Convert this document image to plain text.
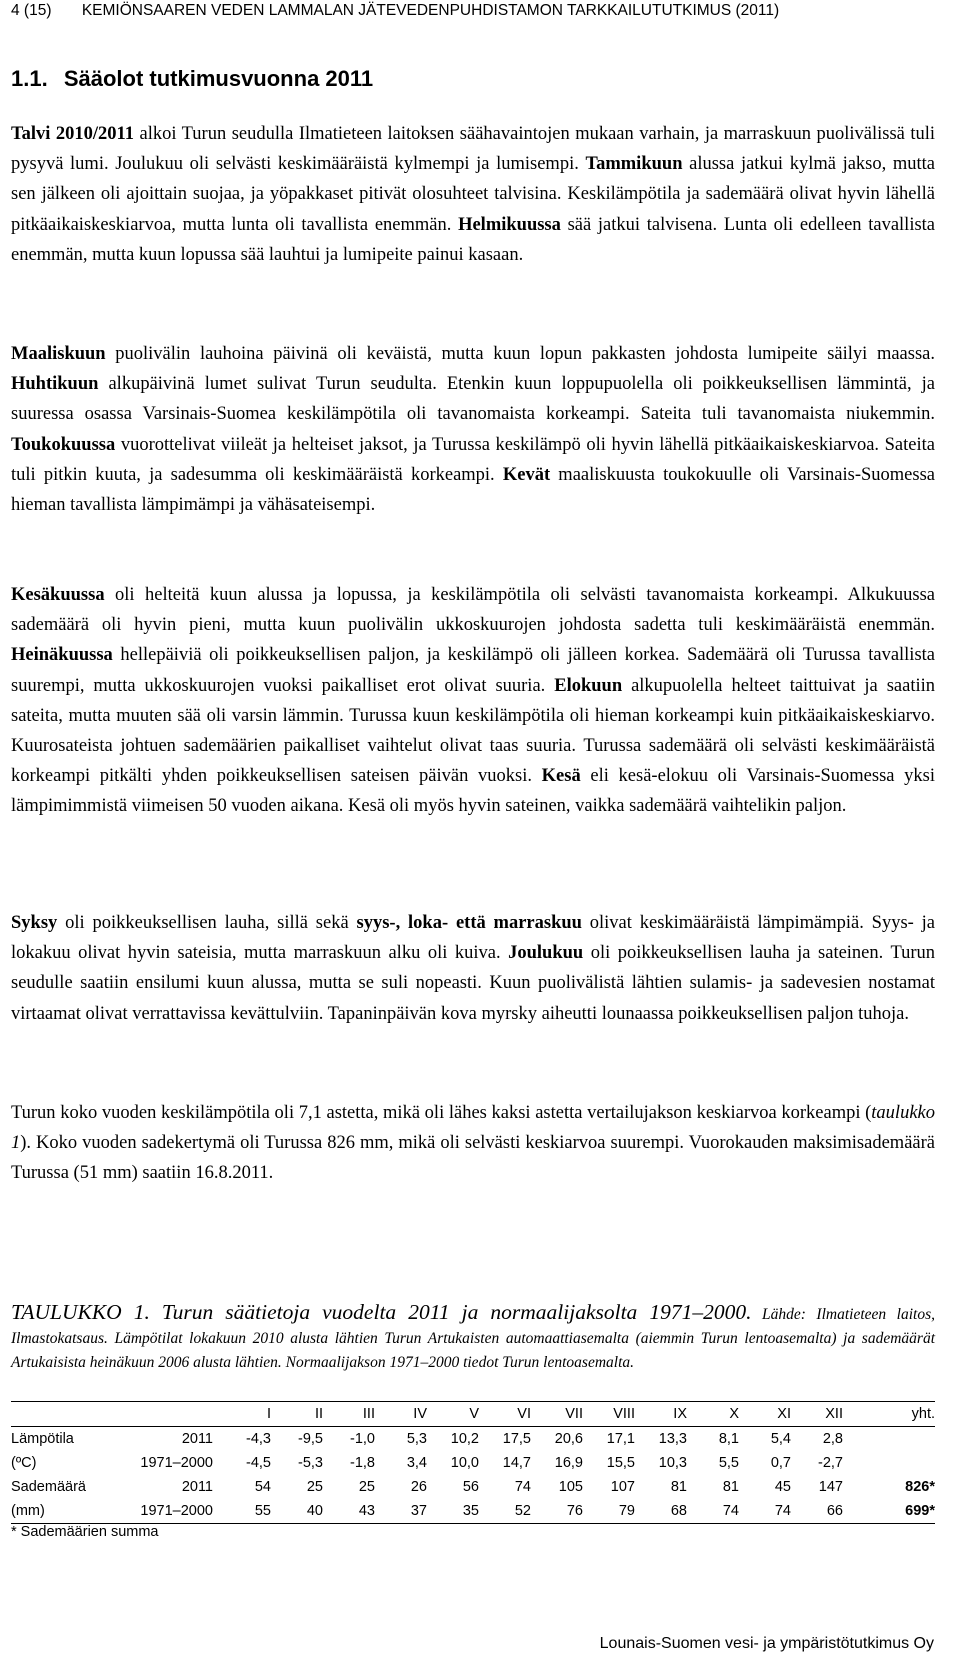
4 (15) KEMIÖNSAAREN VEDEN LAMMALAN JÄTEVEDENPUHDISTAMON TARKKAILUTUTKIMUS (2011)
1.1. Sääolot tutkimusvuonna 2011

Talvi 2010/2011 alkoi Turun seudulla Ilmatieteen laitoksen säähavaintojen mukaan varhain, ja marraskuun puolivälissä tuli pysyvä lumi. Joulukuu oli selvästi keskimääräistä kylmempi ja lumisempi. Tammikuun alussa jatkui kylmä jakso, mutta sen jälkeen oli ajoittain suojaa, ja yöpakkaset pitivät olosuhteet talvisina. Keskilämpötila ja sademäärä olivat hyvin lähellä pitkäaikaiskeskiarvoa, mutta lunta oli tavallista enemmän. Helmikuussa sää jatkui talvisena. Lunta oli edelleen tavallista enemmän, mutta kuun lopussa sää lauhtui ja lumipeite painui kasaan.

Maaliskuun puolivälin lauhoina päivinä oli keväistä, mutta kuun lopun pakkasten johdosta lumipeite säilyi maassa. Huhtikuun alkupäivinä lumet sulivat Turun seudulta. Etenkin kuun loppupuolella oli poikkeuksellisen lämmintä, ja suuressa osassa Varsinais-Suomea keskilämpötila oli tavanomaista korkeampi. Sateita tuli tavanomaista niukemmin. Toukokuussa vuorottelivat viileät ja helteiset jaksot, ja Turussa keskilämpö oli hyvin lähellä pitkäaikaiskeskiarvoa. Sateita tuli pitkin kuuta, ja sadesumma oli keskimääräistä korkeampi. Kevät maaliskuusta toukokuulle oli Varsinais-Suomessa hieman tavallista lämpimämpi ja vähäsateisempi.

Kesäkuussa oli helteitä kuun alussa ja lopussa, ja keskilämpötila oli selvästi tavanomaista korkeampi. Alkukuussa sademäärä oli hyvin pieni, mutta kuun puolivälin ukkoskuurojen johdosta sadetta tuli keskimääräistä enemmän. Heinäkuussa hellepäiviä oli poikkeuksellisen paljon, ja keskilämpö oli jälleen korkea. Sademäärä oli Turussa tavallista suurempi, mutta ukkoskuurojen vuoksi paikalliset erot olivat suuria. Elokuun alkupuolella helteet taittuivat ja saatiin sateita, mutta muuten sää oli varsin lämmin. Turussa kuun keskilämpötila oli hieman korkeampi kuin pitkäaikaiskeskiarvo. Kuurosateista johtuen sademäärien paikalliset vaihtelut olivat taas suuria. Turussa sademäärä oli selvästi keskimääräistä korkeampi pitkälti yhden poikkeuksellisen sateisen päivän vuoksi. Kesä eli kesä-elokuu oli Varsinais-Suomessa yksi lämpimimmistä viimeisen 50 vuoden aikana. Kesä oli myös hyvin sateinen, vaikka sademäärä vaihtelikin paljon.

Syksy oli poikkeuksellisen lauha, sillä sekä syys-, loka- että marraskuu olivat keskimääräistä lämpimämpiä. Syys- ja lokakuu olivat hyvin sateisia, mutta marraskuun alku oli kuiva. Joulukuu oli poikkeuksellisen lauha ja sateinen. Turun seudulle saatiin ensilumi kuun alussa, mutta se suli nopeasti. Kuun puolivälistä lähtien sulamis- ja sadevesien nostamat virtaamat olivat verrattavissa kevättulviin. Tapaninpäivän kova myrsky aiheutti lounaassa poikkeuksellisen paljon tuhoja.

Turun koko vuoden keskilämpötila oli 7,1 astetta, mikä oli lähes kaksi astetta vertailujakson keskiarvoa korkeampi (taulukko 1). Koko vuoden sadekertymä oli Turussa 826 mm, mikä oli selvästi keskiarvoa suurempi. Vuorokauden maksimisademäärä Turussa (51 mm) saatiin 16.8.2011.

TAULUKKO 1. Turun säätietoja vuodelta 2011 ja normaalijaksolta 1971–2000. Lähde: Ilmatieteen laitos, Ilmastokatsaus. Lämpötilat lokakuun 2010 alusta lähtien Turun Artukaisten automaattiasemalta (aiemmin Turun lentoasemalta) ja sademäärät Artukaisista heinäkuun 2006 alusta lähtien. Normaalijakson 1971–2000 tiedot Turun lentoasemalta.

		I	II	III	IV	V	VI	VII	VIII	IX	X	XI	XII	yht.
Lämpötila	2011	-4,3	-9,5	-1,0	5,3	10,2	17,5	20,6	17,1	13,3	8,1	5,4	2,8	
(ºC)	1971–2000	-4,5	-5,3	-1,8	3,4	10,0	14,7	16,9	15,5	10,3	5,5	0,7	-2,7	
Sademäärä	2011	54	25	25	26	56	74	105	107	81	81	45	147	826*
(mm)	1971–2000	55	40	43	37	35	52	76	79	68	74	74	66	699*
* Sademäärien summa
Lounais-Suomen vesi- ja ympäristötutkimus Oy
